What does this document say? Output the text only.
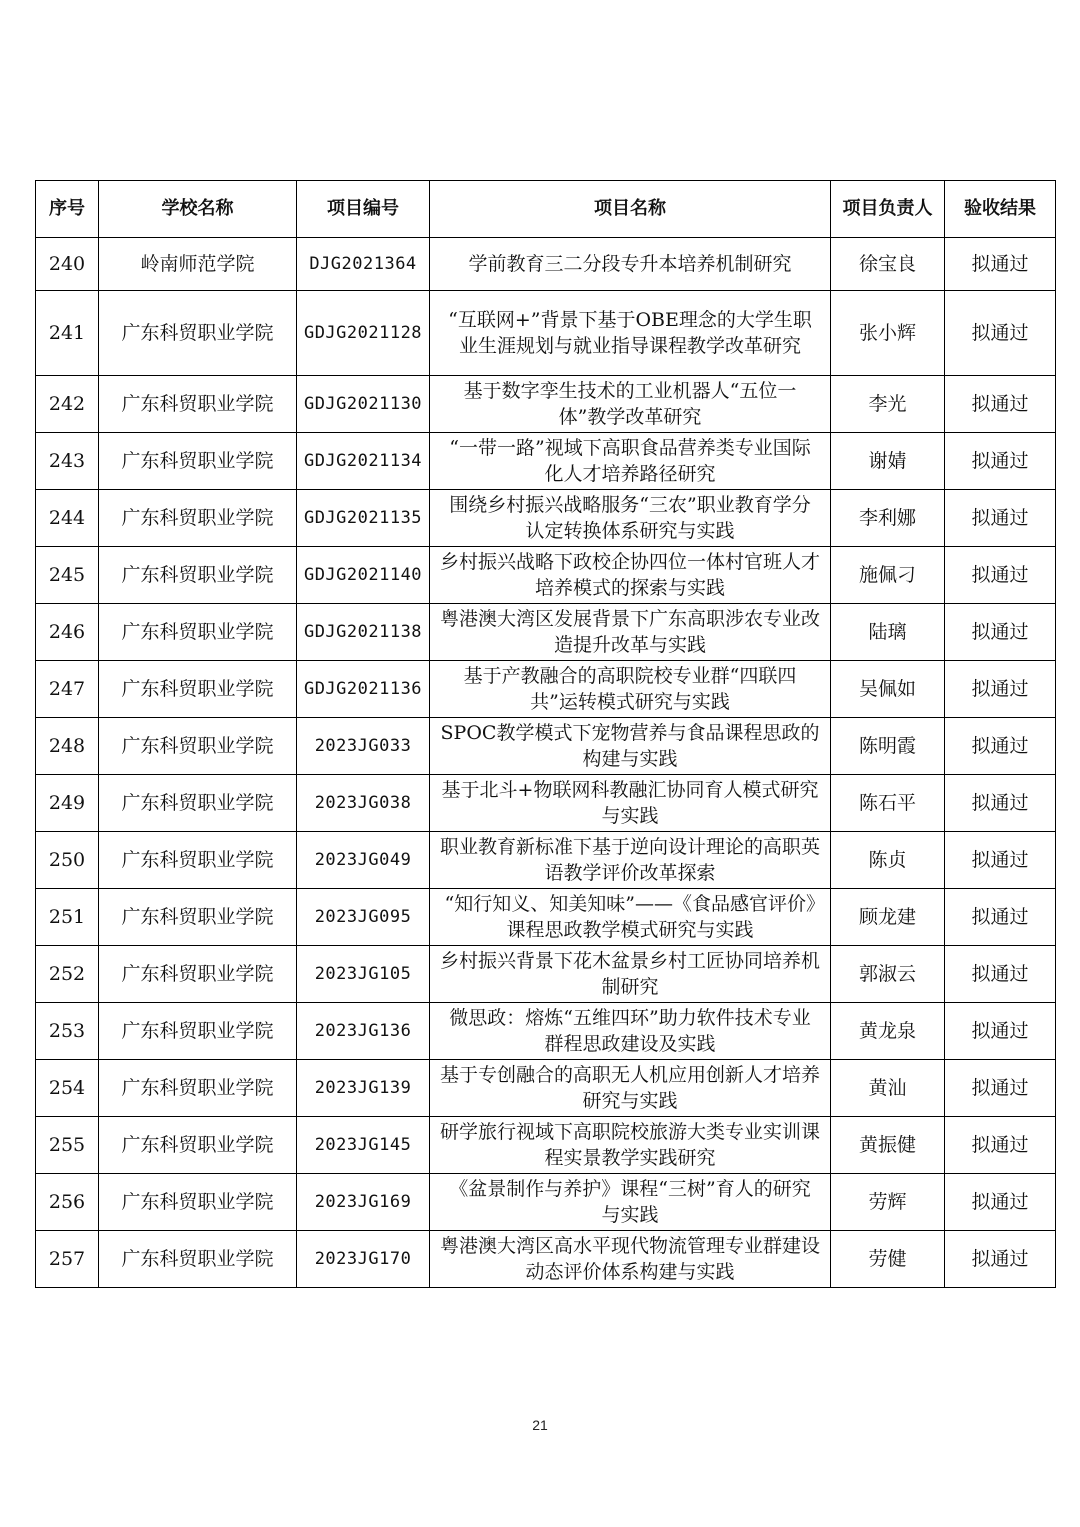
序号	学校名称	项目编号	项目名称	项目负责人	验收结果
240	岭南师范学院	DJG2021364	学前教育三二分段专升本培养机制研究	徐宝良	拟通过
241	广东科贸职业学院	GDJG2021128	“互联网+”背景下基于OBE理念的大学生职业生涯规划与就业指导课程教学改革研究	张小辉	拟通过
242	广东科贸职业学院	GDJG2021130	基于数字孪生技术的工业机器人“五位一体”教学改革研究	李光	拟通过
243	广东科贸职业学院	GDJG2021134	“一带一路”视域下高职食品营养类专业国际化人才培养路径研究	谢婧	拟通过
244	广东科贸职业学院	GDJG2021135	围绕乡村振兴战略服务“三农”职业教育学分认定转换体系研究与实践	李利娜	拟通过
245	广东科贸职业学院	GDJG2021140	乡村振兴战略下政校企协四位一体村官班人才培养模式的探索与实践	施佩刁	拟通过
246	广东科贸职业学院	GDJG2021138	粤港澳大湾区发展背景下广东高职涉农专业改造提升改革与实践	陆璃	拟通过
247	广东科贸职业学院	GDJG2021136	基于产教融合的高职院校专业群“四联四共”运转模式研究与实践	吴佩如	拟通过
248	广东科贸职业学院	2023JG033	SPOC教学模式下宠物营养与食品课程思政的构建与实践	陈明霞	拟通过
249	广东科贸职业学院	2023JG038	基于北斗+物联网科教融汇协同育人模式研究与实践	陈石平	拟通过
250	广东科贸职业学院	2023JG049	职业教育新标准下基于逆向设计理论的高职英语教学评价改革探索	陈贞	拟通过
251	广东科贸职业学院	2023JG095	“知行知义、知美知味”——《食品感官评价》课程思政教学模式研究与实践	顾龙建	拟通过
252	广东科贸职业学院	2023JG105	乡村振兴背景下花木盆景乡村工匠协同培养机制研究	郭淑云	拟通过
253	广东科贸职业学院	2023JG136	微思政：熔炼“五维四环”助力软件技术专业群程思政建设及实践	黄龙泉	拟通过
254	广东科贸职业学院	2023JG139	基于专创融合的高职无人机应用创新人才培养研究与实践	黄汕	拟通过
255	广东科贸职业学院	2023JG145	研学旅行视域下高职院校旅游大类专业实训课程实景教学实践研究	黄振健	拟通过
256	广东科贸职业学院	2023JG169	《盆景制作与养护》课程“三树”育人的研究与实践	劳辉	拟通过
257	广东科贸职业学院	2023JG170	粤港澳大湾区高水平现代物流管理专业群建设动态评价体系构建与实践	劳健	拟通过
21
